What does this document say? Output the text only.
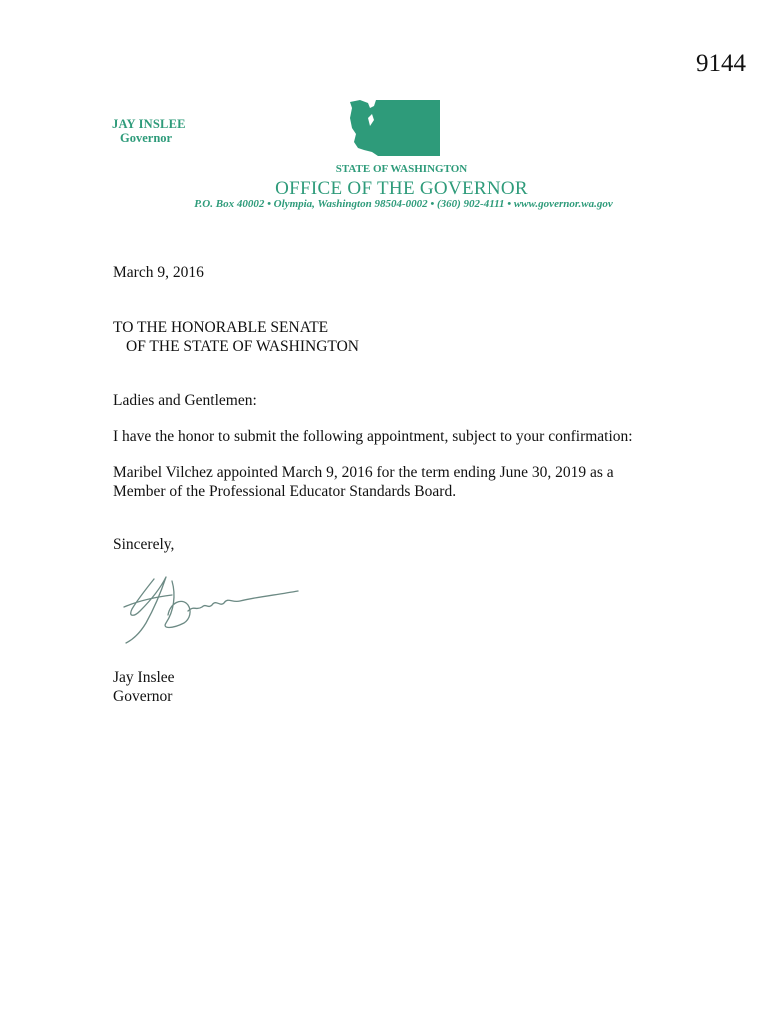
9144
JAY INSLEE
Governor
STATE OF WASHINGTON
OFFICE OF THE GOVERNOR
P.O. Box 40002 • Olympia, Washington 98504-0002 • (360) 902-4111 • www.governor.wa.gov
March 9, 2016
TO THE HONORABLE SENATE
OF THE STATE OF WASHINGTON
Ladies and Gentlemen:
I have the honor to submit the following appointment, subject to your confirmation:
Maribel Vilchez appointed March 9, 2016 for the term ending June 30, 2019 as a
Member of the Professional Educator Standards Board.
Sincerely,
Jay Inslee
Governor
